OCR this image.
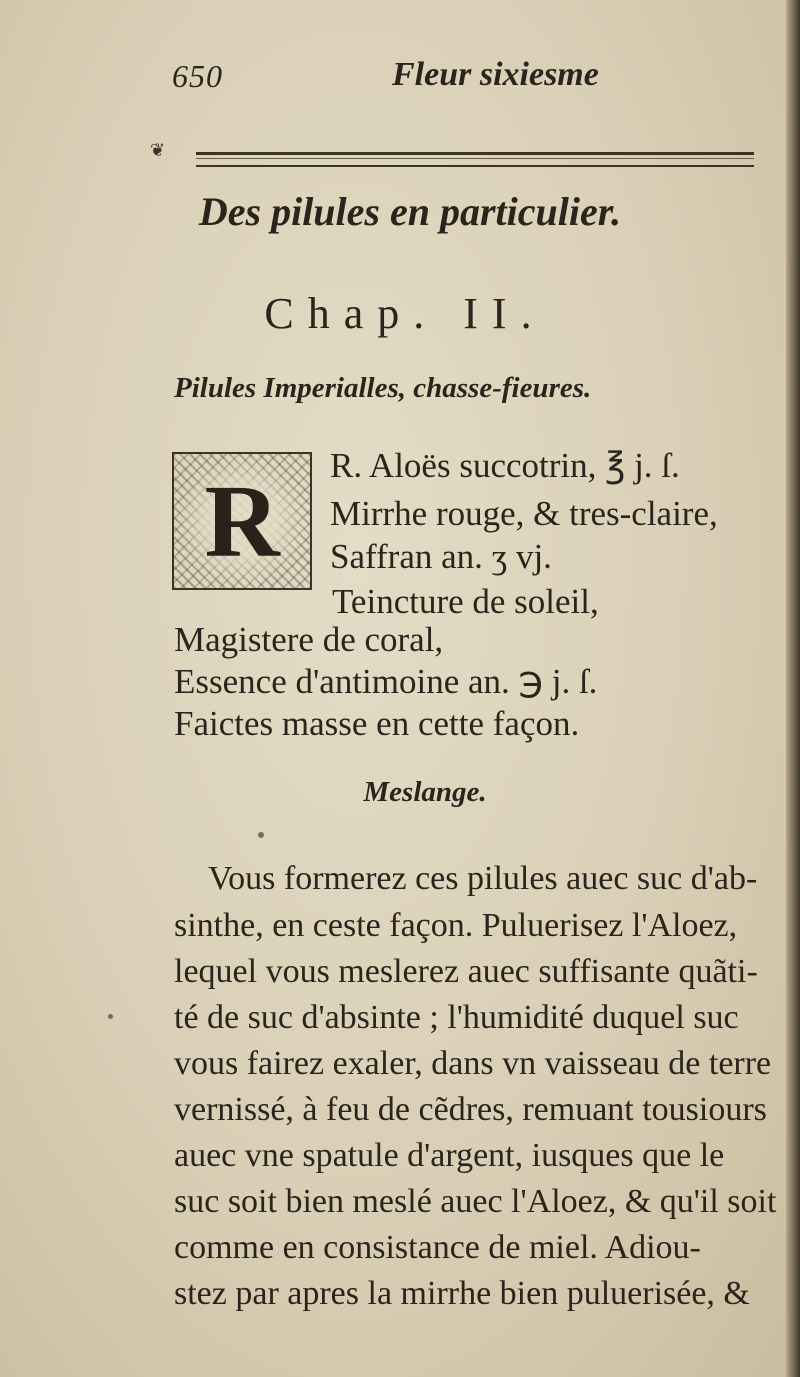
650	Fleur sixiesme
❦
Des pilules en particulier.
Chap. II.
Pilules Imperialles, chasse-fieures.
R	R. Aloës succotrin, ℥ j. ſ.
Mirrhe rouge, & tres-claire,
Saffran an. ʒ vj.
Teincture de soleil,
Magistere de coral,
Essence d'antimoine an. ℈ j. ſ.
Faictes masse en cette façon.
Meslange.
Vous formerez ces pilules auec suc d'ab-
sinthe, en ceste façon. Puluerisez l'Aloez,
lequel vous meslerez auec suffisante quãti-
té de suc d'absinte ; l'humidité duquel suc
vous fairez exaler, dans vn vaisseau de terre
vernissé, à feu de cẽdres, remuant tousiours
auec vne spatule d'argent, iusques que le
suc soit bien meslé auec l'Aloez, & qu'il soit
comme en consistance de miel. Adiou-
stez par apres la mirrhe bien puluerisée, &
